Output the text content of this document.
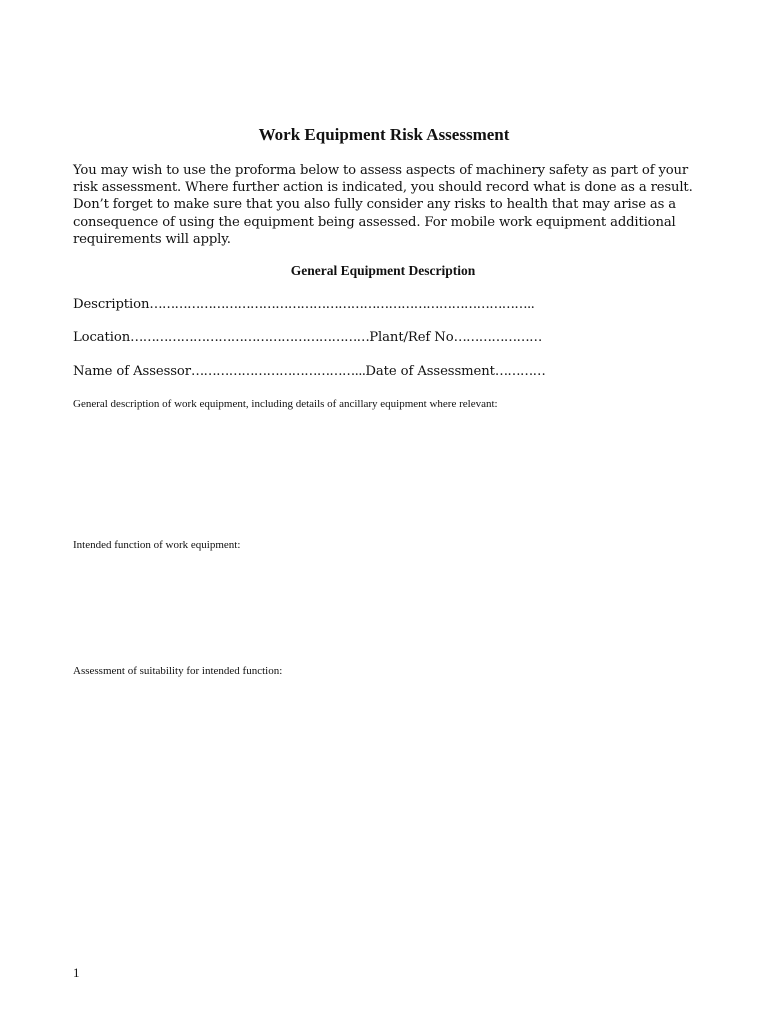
Work Equipment Risk Assessment
You may wish to use the proforma below to assess aspects of machinery safety as part of your risk assessment. Where further action is indicated, you should record what is done as a result. Don’t forget to make sure that you also fully consider any risks to health that may arise as a consequence of using the equipment being assessed. For mobile work equipment additional requirements will apply.
General Equipment Description
Description………………………………………………………………………………..
Location…………………………………………………Plant/Ref No…………………
Name of Assessor…………………………………...Date of Assessment…………
General description of work equipment, including details of ancillary equipment where relevant:
Intended function of work equipment:
Assessment of suitability for intended function:
1
